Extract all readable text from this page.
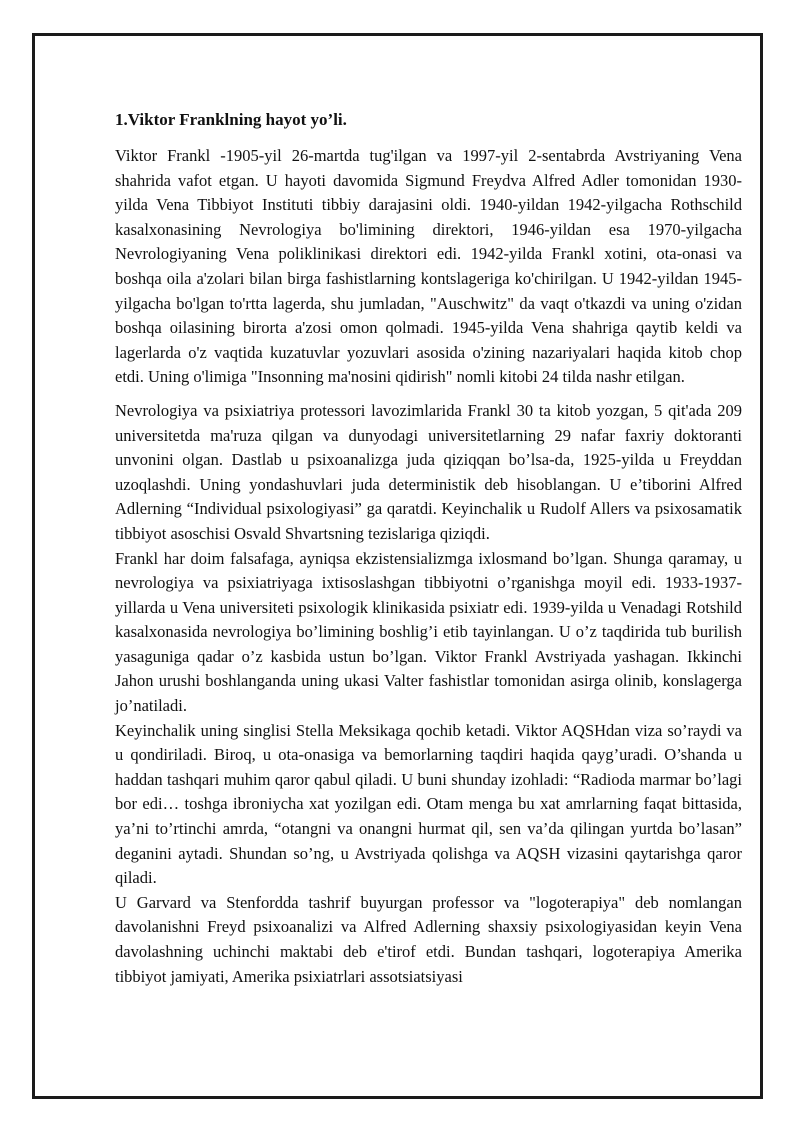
1.Viktor Franklning hayot yo’li.

Viktor Frankl -1905-yil 26-martda tug'ilgan va 1997-yil 2-sentabrda Avstriyaning Vena shahrida vafot etgan. U hayoti davomida Sigmund Freydva Alfred Adler tomonidan 1930-yilda Vena Tibbiyot Instituti tibbiy darajasini oldi. 1940-yildan 1942-yilgacha Rothschild kasalxonasining Nevrologiya bo'limining direktori, 1946-yildan esa 1970-yilgacha Nevrologiyaning Vena poliklinikasi direktori edi. 1942-yilda Frankl xotini, ota-onasi va boshqa oila a'zolari bilan birga fashistlarning kontslageriga ko'chirilgan. U 1942-yildan 1945-yilgacha bo'lgan to'rtta lagerda, shu jumladan, "Auschwitz" da vaqt o'tkazdi va uning o'zidan boshqa oilasining birorta a'zosi omon qolmadi. 1945-yilda Vena shahriga qaytib keldi va lagerlarda o'z vaqtida kuzatuvlar yozuvlari asosida o'zining nazariyalari haqida kitob chop etdi. Uning o'limiga "Insonning ma'nosini qidirish" nomli kitobi 24 tilda nashr etilgan.

Nevrologiya va psixiatriya protessori lavozimlarida Frankl 30 ta kitob yozgan, 5 qit'ada 209 universitetda ma'ruza qilgan va dunyodagi universitetlarning 29 nafar faxriy doktoranti unvonini olgan. Dastlab u psixoanalizga juda qiziqqan bo’lsa-da, 1925-yilda u Freyddan uzoqlashdi. Uning yondashuvlari juda deterministik deb hisoblangan. U e’tiborini Alfred Adlerning “Individual psixologiyasi” ga qaratdi. Keyinchalik u Rudolf Allers va psixosamatik tibbiyot asoschisi Osvald Shvartsning tezislariga qiziqdi.

Frankl har doim falsafaga, ayniqsa ekzistensializmga ixlosmand bo’lgan. Shunga qaramay, u nevrologiya va psixiatriyaga ixtisoslashgan tibbiyotni o’rganishga moyil edi. 1933-1937-yillarda u Vena universiteti psixologik klinikasida psixiatr edi. 1939-yilda u Venadagi Rotshild kasalxonasida nevrologiya bo’limining boshlig’i etib tayinlangan. U o’z taqdirida tub burilish yasaguniga qadar o’z kasbida ustun bo’lgan. Viktor Frankl Avstriyada yashagan. Ikkinchi Jahon urushi boshlanganda uning ukasi Valter fashistlar tomonidan asirga olinib, konslagerga jo’natiladi.

Keyinchalik uning singlisi Stella Meksikaga qochib ketadi. Viktor AQSHdan viza so’raydi va u qondiriladi. Biroq, u ota-onasiga va bemorlarning taqdiri haqida qayg’uradi. O’shanda u haddan tashqari muhim qaror qabul qiladi. U buni shunday izohladi: “Radioda marmar bo’lagi bor edi… toshga ibroniycha xat yozilgan edi. Otam menga bu xat amrlarning faqat bittasida, ya’ni to’rtinchi amrda, “otangni va onangni hurmat qil, sen va’da qilingan yurtda bo’lasan” deganini aytadi. Shundan so’ng, u Avstriyada qolishga va AQSH vizasini qaytarishga qaror qiladi.

U Garvard va Stenfordda tashrif buyurgan professor va "logoterapiya" deb nomlangan davolanishni Freyd psixoanalizi va Alfred Adlerning shaxsiy psixologiyasidan keyin Vena davolashning uchinchi maktabi deb e'tirof etdi. Bundan tashqari, logoterapiya Amerika tibbiyot jamiyati, Amerika psixiatrlari assotsiatsiyasi
